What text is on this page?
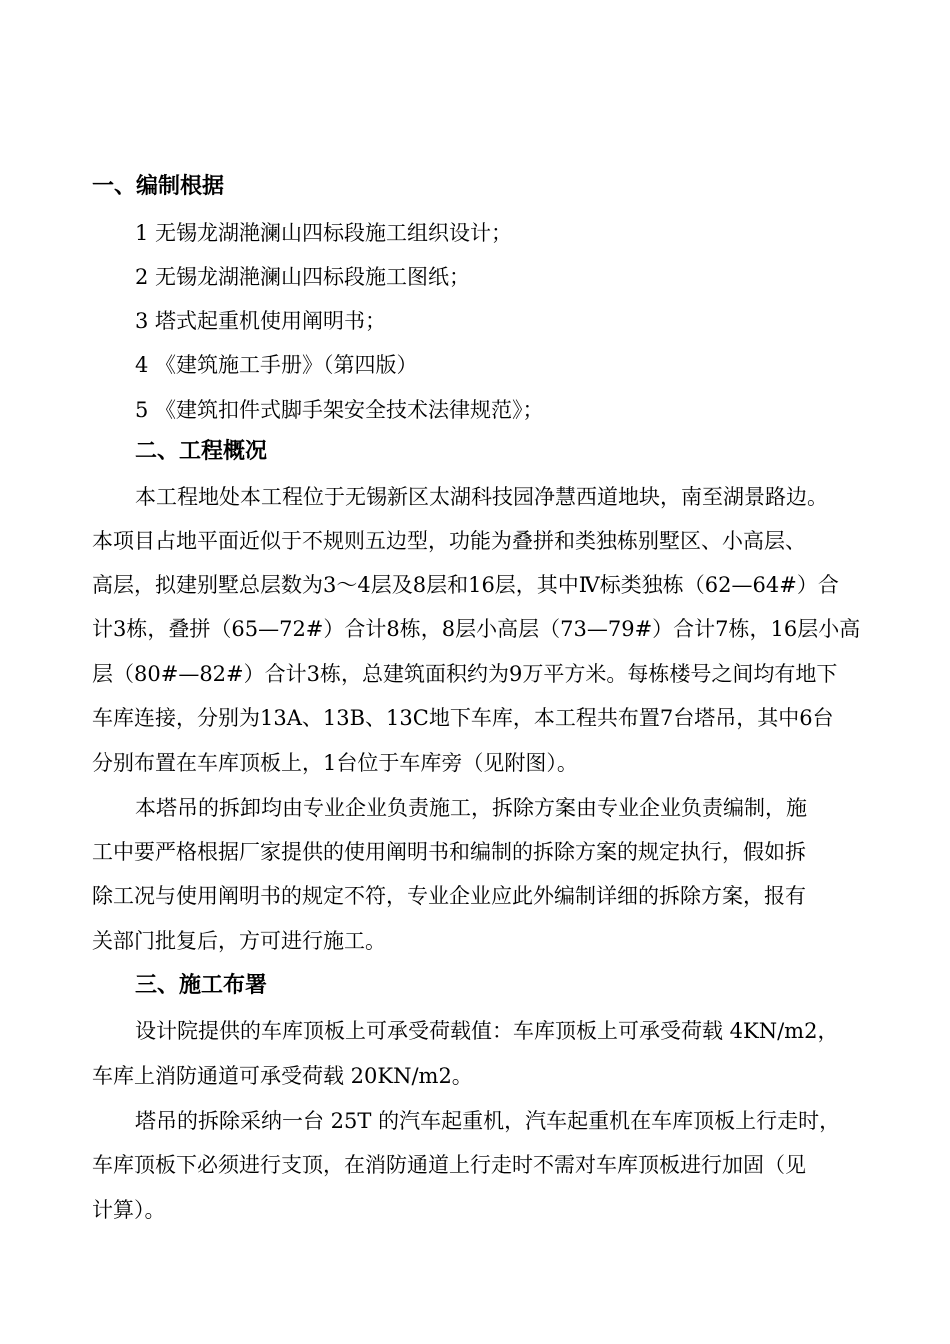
一、编制根据
1 无锡龙湖滟澜山四标段施工组织设计；
2 无锡龙湖滟澜山四标段施工图纸；
3 塔式起重机使用阐明书；
4 《建筑施工手册》（第四版）
5 《建筑扣件式脚手架安全技术法律规范》；
二、工程概况
本工程地处本工程位于无锡新区太湖科技园净慧西道地块，南至湖景路边。
本项目占地平面近似于不规则五边型，功能为叠拼和类独栋别墅区、小高层、
高层，拟建别墅总层数为3～4层及8层和16层，其中Ⅳ标类独栋（62—64#）合
计3栋，叠拼（65—72#）合计8栋，8层小高层（73—79#）合计7栋，16层小高
层（80#—82#）合计3栋，总建筑面积约为9万平方米。每栋楼号之间均有地下
车库连接，分别为13A、13B、13C地下车库，本工程共布置7台塔吊，其中6台
分别布置在车库顶板上，1台位于车库旁（见附图）。
本塔吊的拆卸均由专业企业负责施工，拆除方案由专业企业负责编制，施
工中要严格根据厂家提供的使用阐明书和编制的拆除方案的规定执行，假如拆
除工况与使用阐明书的规定不符，专业企业应此外编制详细的拆除方案，报有
关部门批复后，方可进行施工。
三、施工布署
设计院提供的车库顶板上可承受荷载值：车库顶板上可承受荷载 4KN/m2，
车库上消防通道可承受荷载 20KN/m2。
塔吊的拆除采纳一台 25T 的汽车起重机，汽车起重机在车库顶板上行走时，
车库顶板下必须进行支顶，在消防通道上行走时不需对车库顶板进行加固（见
计算）。
